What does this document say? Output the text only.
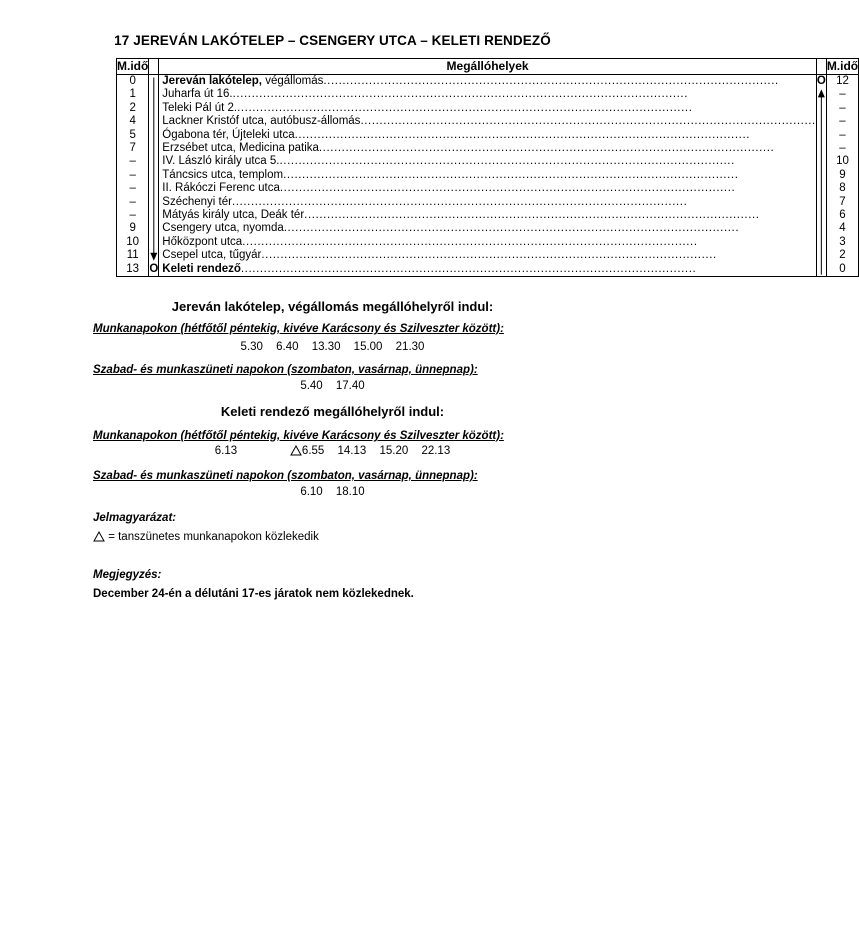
17 JEREVÁN LAKÓTELEP – CSENGERY UTCA – KELETI RENDEZŐ
M.idő		Megállóhelyek		M.idő
0		Jereván lakótelep, végállomás........................................................................................................................	O	12
1		Juharfa út 16.........................................................................................................................		–
2		Teleki Pál út 2.........................................................................................................................		–
4		Lackner Kristóf utca, autóbusz-állomás........................................................................................................................		–
5		Ógabona tér, Újteleki utca........................................................................................................................		–
7		Erzsébet utca, Medicina patika........................................................................................................................		–
–		IV. László király utca 5.........................................................................................................................		10
–		Táncsics utca, templom........................................................................................................................		9
–		II. Rákóczi Ferenc utca........................................................................................................................		8
–		Széchenyi tér........................................................................................................................		7
–		Mátyás király utca, Deák tér........................................................................................................................		6
9		Csengery utca, nyomda........................................................................................................................		4
10		Hőközpont utca........................................................................................................................		3
11		Csepel utca, tűgyár........................................................................................................................		2
13	O	Keleti rendező........................................................................................................................		0
Jereván lakótelep, végállomás megállóhelyről indul:
Munkanapokon (hétfőtől péntekig, kivéve Karácsony és Szilveszter között):
5.30 6.40 13.30 15.00 21.30
Szabad- és munkaszüneti napokon (szombaton, vasárnap, ünnepnap):
5.40 17.40
Keleti rendező megállóhelyről indul:
Munkanapokon (hétfőtől péntekig, kivéve Karácsony és Szilveszter között):
6.13	6.55 14.13 15.20 22.13
Szabad- és munkaszüneti napokon (szombaton, vasárnap, ünnepnap):
6.10 18.10
Jelmagyarázat:
= tanszünetes munkanapokon közlekedik
Megjegyzés:
December 24-én a délutáni 17-es járatok nem közlekednek.
